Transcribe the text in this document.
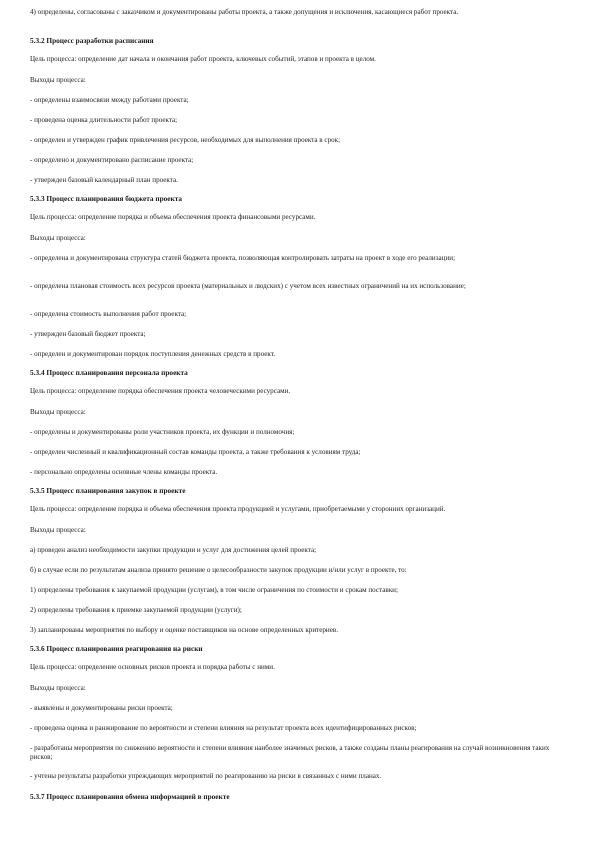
4) определены, согласованы с заказчиком и документированы работы проекта, а также допущения и исключения, касающиеся работ проекта.

5.3.2 Процесс разработки расписания

Цель процесса: определение дат начала и окончания работ проекта, ключевых событий, этапов и проекта в целом.

Выходы процесса:

- определены взаимосвязи между работами проекта;

- проведена оценка длительности работ проекта;

- определен и утвержден график привлечения ресурсов, необходимых для выполнения проекта в срок;

- определено и документировано расписание проекта;

- утвержден базовый календарный план проекта.

5.3.3 Процесс планирования бюджета проекта

Цель процесса: определение порядка и объема обеспечения проекта финансовыми ресурсами.

Выходы процесса:

- определена и документирована структура статей бюджета проекта, позволяющая контролировать затраты на проект в ходе его реализации;

- определена плановая стоимость всех ресурсов проекта (материальных и людских) с учетом всех известных ограничений на их использование;

- определена стоимость выполнения работ проекта;

- утвержден базовый бюджет проекта;

- определен и документирован порядок поступления денежных средств в проект.

5.3.4 Процесс планирования персонала проекта

Цель процесса: определение порядка обеспечения проекта человеческими ресурсами.

Выходы процесса:

- определены и документированы роли участников проекта, их функции и полномочия;

- определен численный и квалификационный состав команды проекта, а также требования к условиям труда;

- персонально определены основные члены команды проекта.

5.3.5 Процесс планирования закупок в проекте

Цель процесса: определение порядка и объема обеспечения проекта продукцией и услугами, приобретаемыми у сторонних организаций.

Выходы процесса:

а) проведен анализ необходимости закупки продукции и услуг для достижения целей проекта;

б) в случае если по результатам анализа принято решение о целесообразности закупок продукции и/или услуг в проекте, то:

1) определены требования к закупаемой продукции (услугам), в том числе ограничения по стоимости и срокам поставки;

2) определены требования к приемке закупаемой продукции (услуги);

3) запланированы мероприятия по выбору и оценке поставщиков на основе определенных критериев.

5.3.6 Процесс планирования реагирования на риски

Цель процесса: определение основных рисков проекта и порядка работы с ними.

Выходы процесса:

- выявлены и документированы риски проекта;

- проведена оценка и ранжирование по вероятности и степени влияния на результат проекта всех идентифицированных рисков;

- разработаны мероприятия по снижению вероятности и степени влияния наиболее значимых рисков, а также созданы планы реагирования на случай возникновения таких рисков;

- учтены результаты разработки упреждающих мероприятий по реагированию на риски в связанных с ними планах.

5.3.7 Процесс планирования обмена информацией в проекте
